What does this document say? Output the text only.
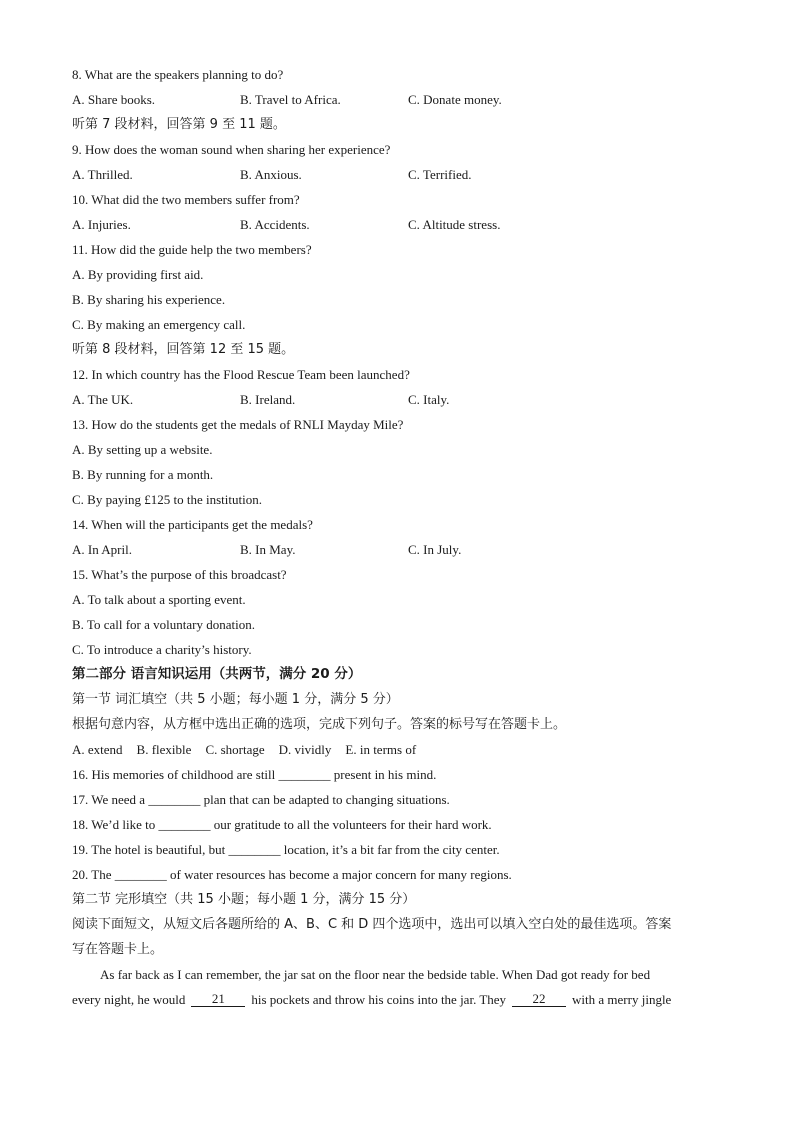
8. What are the speakers planning to do?
A. Share books.	B. Travel to Africa.	C. Donate money.
听第 7 段材料，回答第 9 至 11 题。
9. How does the woman sound when sharing her experience?
A. Thrilled.	B. Anxious.	C. Terrified.
10. What did the two members suffer from?
A. Injuries.	B. Accidents.	C. Altitude stress.
11. How did the guide help the two members?
A. By providing first aid.
B. By sharing his experience.
C. By making an emergency call.
听第 8 段材料，回答第 12 至 15 题。
12. In which country has the Flood Rescue Team been launched?
A. The UK.	B. Ireland.	C. Italy.
13. How do the students get the medals of RNLI Mayday Mile?
A. By setting up a website.
B. By running for a month.
C. By paying £125 to the institution.
14. When will the participants get the medals?
A. In April.	B. In May.	C. In July.
15. What’s the purpose of this broadcast?
A. To talk about a sporting event.
B. To call for a voluntary donation.
C. To introduce a charity’s history.
第二部分 语言知识运用（共两节，满分 20 分）
第一节 词汇填空（共 5 小题；每小题 1 分，满分 5 分）
根据句意内容，从方框中选出正确的选项，完成下列句子。答案的标号写在答题卡上。
A. extend B. flexible C. shortage D. vividly E. in terms of
16. His memories of childhood are still
________
present in his mind.
17. We need a
________
plan that can be adapted to changing situations.
18. We’d like to
________
our gratitude to all the volunteers for their hard work.
19. The hotel is beautiful, but
________
location, it’s a bit far from the city center.
20. The
________
of water resources has become a major concern for many regions.
第二节 完形填空（共 15 小题；每小题 1 分，满分 15 分）
阅读下面短文，从短文后各题所给的 A、B、C 和 D 四个选项中，选出可以填入空白处的最佳选项。答案
写在答题卡上。
As far back as I can remember, the jar sat on the floor near the bedside table. When Dad got ready for bed
every night, he would	21	his pockets and throw his coins into the jar. They	22	with a merry jingle
